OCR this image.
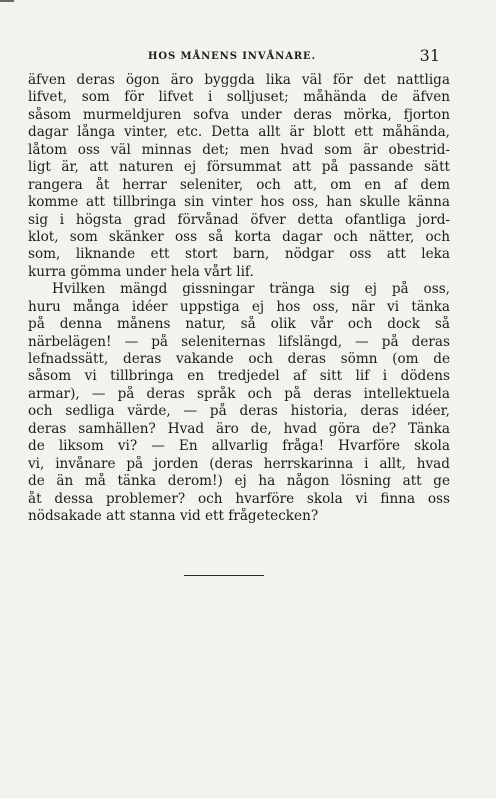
HOS MÅNENS INVÅNARE.	31
äfven deras ögon äro byggda lika väl för det nattliga
lifvet, som för lifvet i solljuset; måhända de äfven
såsom murmeldjuren sofva under deras mörka, fjorton
dagar långa vinter, etc. Detta allt är blott ett måhända,
låtom oss väl minnas det; men hvad som är obestrid-
ligt är, att naturen ej försummat att på passande sätt
rangera åt herrar seleniter, och att, om en af dem
komme att tillbringa sin vinter hos oss, han skulle känna
sig i högsta grad förvånad öfver detta ofantliga jord-
klot, som skänker oss så korta dagar och nätter, och
som, liknande ett stort barn, nödgar oss att leka
kurra gömma under hela vårt lif.
Hvilken mängd gissningar tränga sig ej på oss,
huru många idéer uppstiga ej hos oss, när vi tänka
på denna månens natur, så olik vår och dock så
närbelägen! — på seleniternas lifslängd, — på deras
lefnadssätt, deras vakande och deras sömn (om de
såsom vi tillbringa en tredjedel af sitt lif i dödens
armar), — på deras språk och på deras intellektuela
och sedliga värde, — på deras historia, deras idéer,
deras samhällen? Hvad äro de, hvad göra de? Tänka
de liksom vi? — En allvarlig fråga! Hvarföre skola
vi, invånare på jorden (deras herrskarinna i allt, hvad
de än må tänka derom!) ej ha någon lösning att ge
åt dessa problemer? och hvarföre skola vi finna oss
nödsakade att stanna vid ett frågetecken?
